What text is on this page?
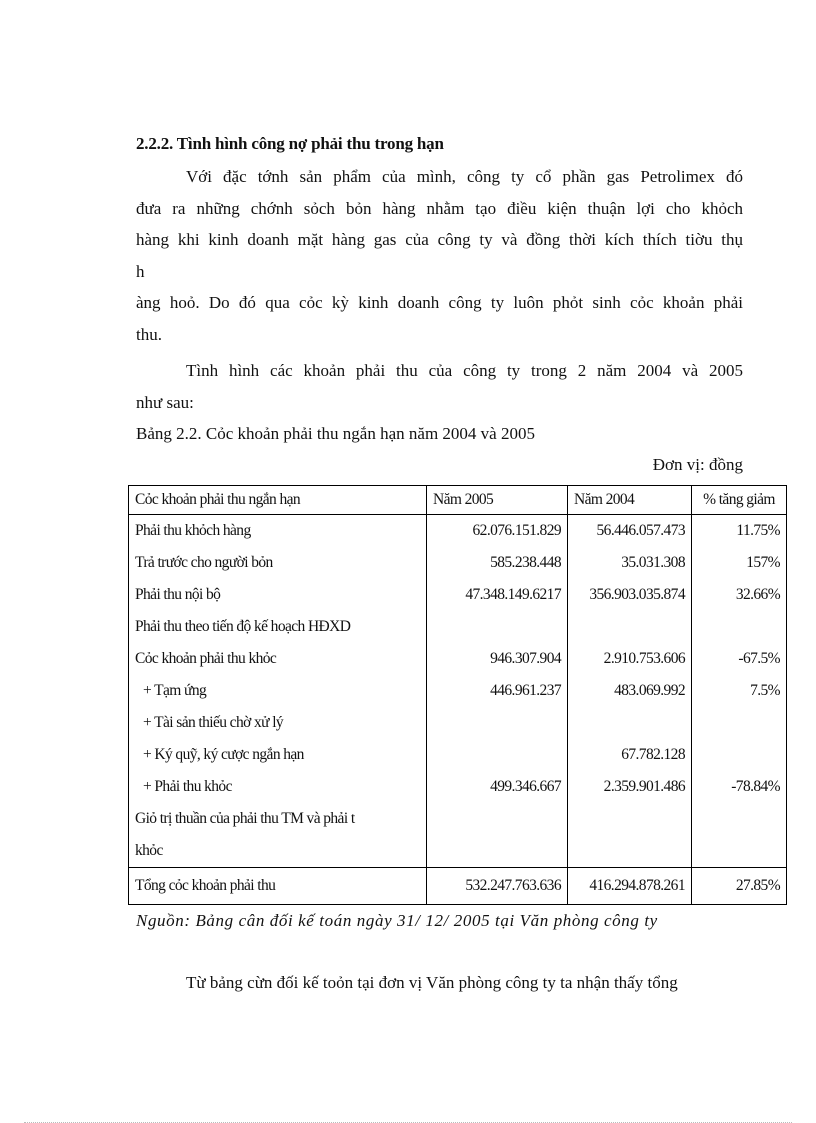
2.2.2. Tình hình công nợ phải thu trong hạn
Với đặc tớnh sản phẩm của mình, công ty cổ phần gas Petrolimex đó
đưa ra những chớnh sỏch bỏn hàng nhằm tạo điều kiện thuận lợi cho khỏch
hàng khi kinh doanh mặt hàng gas của công ty và đồng thời kích thích tiờu thụ
h
àng hoỏ. Do đó qua cỏc kỳ kinh doanh công ty luôn phỏt sinh cỏc khoản phải
thu.
Tình hình các khoản phải thu của công ty trong 2 năm 2004 và 2005
như sau:
Bảng 2.2. Cỏc khoản phải thu ngắn hạn năm 2004 và 2005
Đơn vị: đồng
Cỏc khoản phải thu ngắn hạn	Năm 2005	Năm 2004	% tăng giảm
Phải thu khỏch hàng	62.076.151.829	56.446.057.473	11.75%
Trả trước cho người bỏn	585.238.448	35.031.308	157%
Phải thu nội bộ	47.348.149.6217	356.903.035.874	32.66%
Phải thu theo tiến độ kế hoạch HĐXD			
Cỏc khoản phải thu khỏc	946.307.904	2.910.753.606	-67.5%
+ Tạm ứng	446.961.237	483.069.992	7.5%
+ Tài sản thiếu chờ xử lý			
+ Ký quỹ, ký cược ngắn hạn		67.782.128	
+ Phải thu khỏc	499.346.667	2.359.901.486	-78.84%
Giỏ trị thuần của phải thu TM và phải t			
khỏc			
Tổng cỏc khoản phải thu	532.247.763.636	416.294.878.261	27.85%
Nguồn: Bảng cân đối kế toán ngày 31/ 12/ 2005 tại Văn phòng công ty
Từ bảng cừn đối kế toỏn tại đơn vị Văn phòng công ty ta nhận thấy tổng
